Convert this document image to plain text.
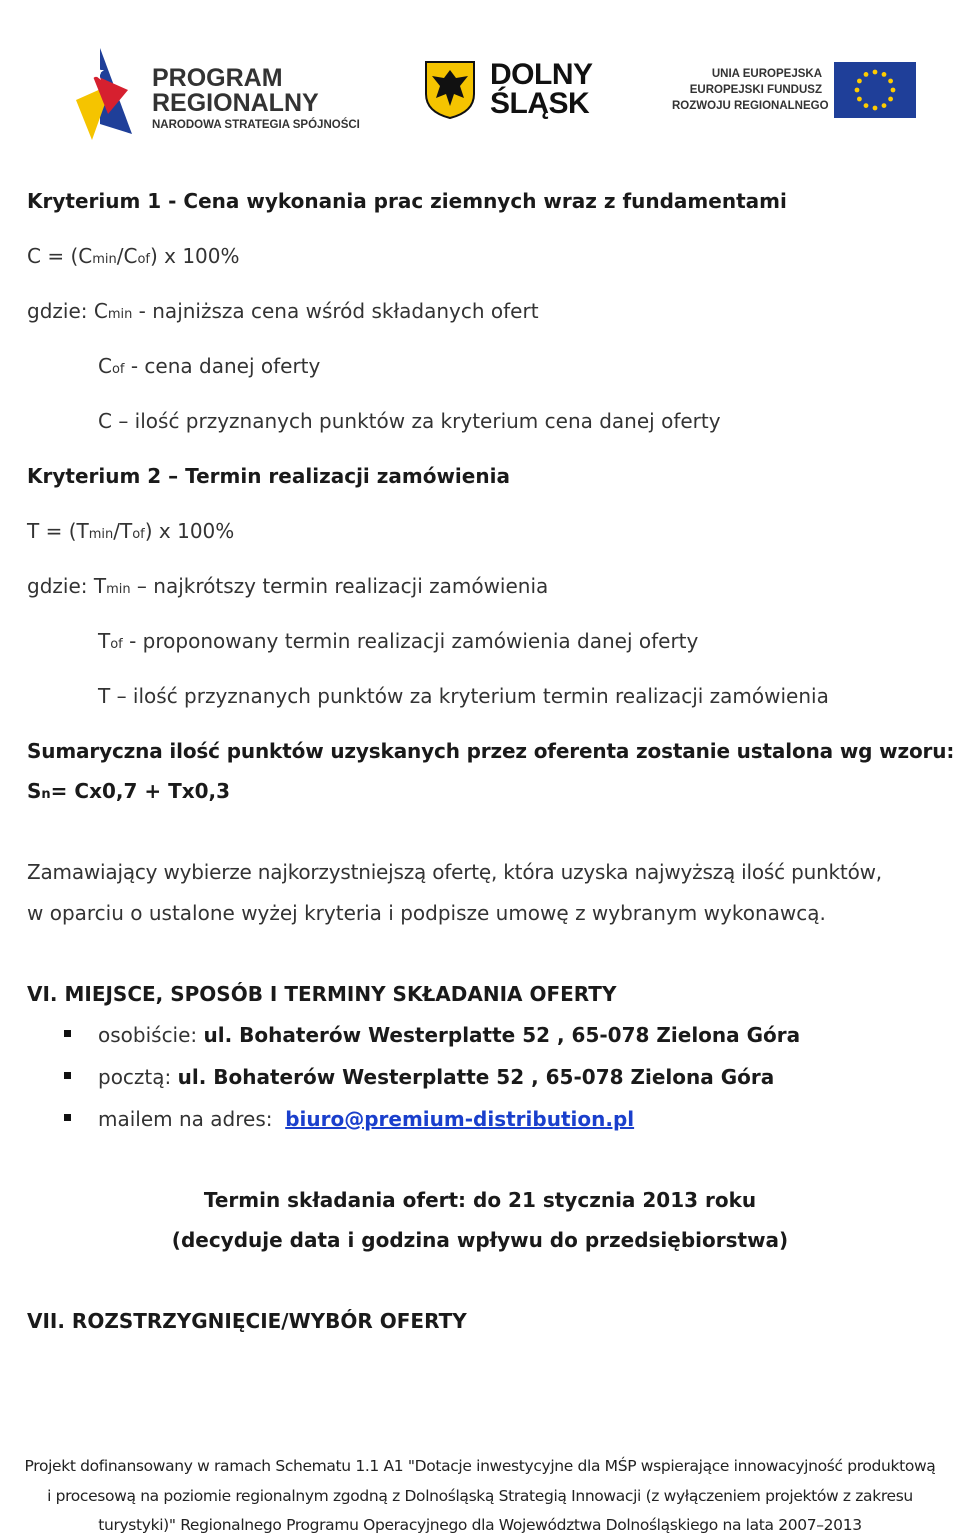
PROGRAM
REGIONALNY
NARODOWA STRATEGIA SPÓJNOŚCI
DOLNY
ŚLĄSK
UNIA EUROPEJSKA
EUROPEJSKI FUNDUSZ
ROZWOJU REGIONALNEGO
Kryterium 1 - Cena wykonania prac ziemnych wraz z fundamentami
C = (Cmin/Cof) x 100%
gdzie: Cmin - najniższa cena wśród składanych ofert
Cof - cena danej oferty
C – ilość przyznanych punktów za kryterium cena danej oferty
Kryterium 2 – Termin realizacji zamówienia
T = (Tmin/Tof) x 100%
gdzie: Tmin – najkrótszy termin realizacji zamówienia
Tof - proponowany termin realizacji zamówienia danej oferty
T – ilość przyznanych punktów za kryterium termin realizacji zamówienia
Sumaryczna ilość punktów uzyskanych przez oferenta zostanie ustalona wg wzoru:
Sn= Cx0,7 + Tx0,3
Zamawiający wybierze najkorzystniejszą ofertę, która uzyska najwyższą ilość punktów,
w oparciu o ustalone wyżej kryteria i podpisze umowę z wybranym wykonawcą.
VI. MIEJSCE, SPOSÓB I TERMINY SKŁADANIA OFERTY
osobiście: ul. Bohaterów Westerplatte 52 , 65-078 Zielona Góra
pocztą: ul. Bohaterów Westerplatte 52 , 65-078 Zielona Góra
mailem na adres:  biuro@premium-distribution.pl
Termin składania ofert: do 21 stycznia 2013 roku
(decyduje data i godzina wpływu do przedsiębiorstwa)
VII. ROZSTRZYGNIĘCIE/WYBÓR OFERTY
Projekt dofinansowany w ramach Schematu 1.1 A1 "Dotacje inwestycyjne dla MŚP wspierające innowacyjność produktową
i procesową na poziomie regionalnym zgodną z Dolnośląską Strategią Innowacji (z wyłączeniem projektów z zakresu
turystyki)" Regionalnego Programu Operacyjnego dla Województwa Dolnośląskiego na lata 2007–2013
